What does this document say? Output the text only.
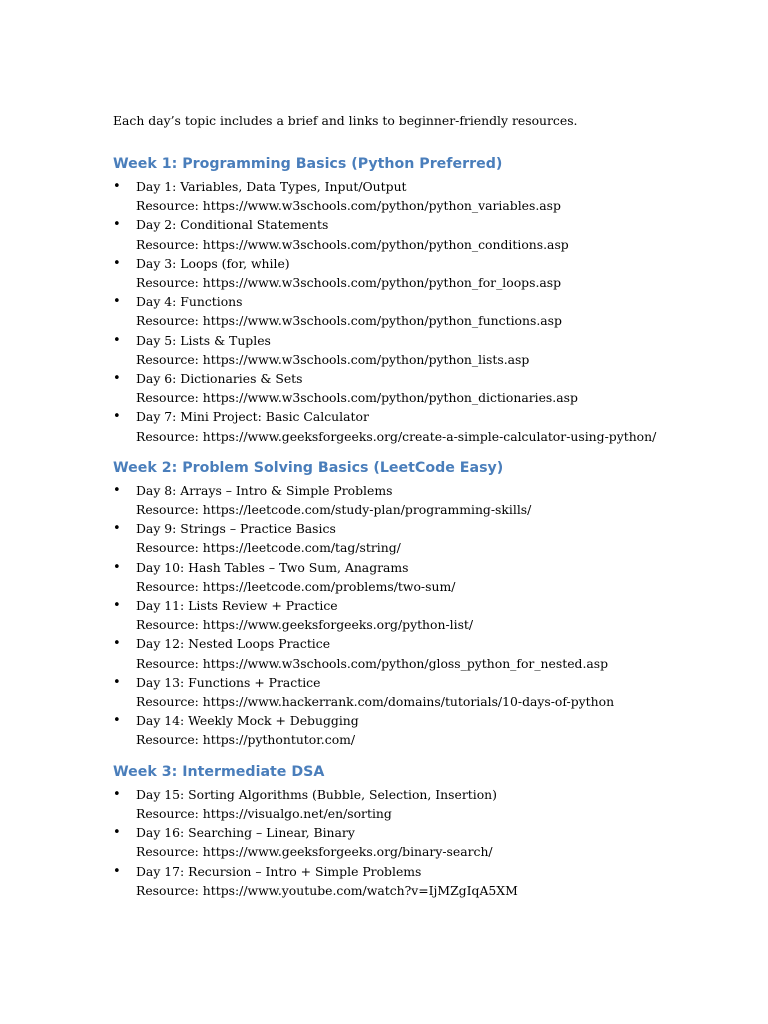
Each day’s topic includes a brief and links to beginner-friendly resources.

Week 1: Programming Basics (Python Preferred)
• Day 1: Variables, Data Types, Input/Output
Resource: https://www.w3schools.com/python/python_variables.asp
• Day 2: Conditional Statements
Resource: https://www.w3schools.com/python/python_conditions.asp
• Day 3: Loops (for, while)
Resource: https://www.w3schools.com/python/python_for_loops.asp
• Day 4: Functions
Resource: https://www.w3schools.com/python/python_functions.asp
• Day 5: Lists & Tuples
Resource: https://www.w3schools.com/python/python_lists.asp
• Day 6: Dictionaries & Sets
Resource: https://www.w3schools.com/python/python_dictionaries.asp
• Day 7: Mini Project: Basic Calculator
Resource: https://www.geeksforgeeks.org/create-a-simple-calculator-using-python/
Week 2: Problem Solving Basics (LeetCode Easy)
• Day 8: Arrays – Intro & Simple Problems
Resource: https://leetcode.com/study-plan/programming-skills/
• Day 9: Strings – Practice Basics
Resource: https://leetcode.com/tag/string/
• Day 10: Hash Tables – Two Sum, Anagrams
Resource: https://leetcode.com/problems/two-sum/
• Day 11: Lists Review + Practice
Resource: https://www.geeksforgeeks.org/python-list/
• Day 12: Nested Loops Practice
Resource: https://www.w3schools.com/python/gloss_python_for_nested.asp
• Day 13: Functions + Practice
Resource: https://www.hackerrank.com/domains/tutorials/10-days-of-python
• Day 14: Weekly Mock + Debugging
Resource: https://pythontutor.com/
Week 3: Intermediate DSA
• Day 15: Sorting Algorithms (Bubble, Selection, Insertion)
Resource: https://visualgo.net/en/sorting
• Day 16: Searching – Linear, Binary
Resource: https://www.geeksforgeeks.org/binary-search/
• Day 17: Recursion – Intro + Simple Problems
Resource: https://www.youtube.com/watch?v=IjMZgIqA5XM
